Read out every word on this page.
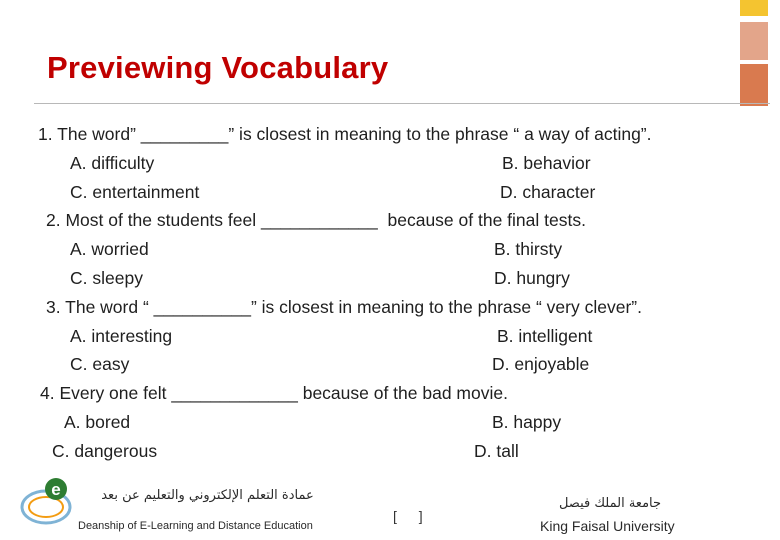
Previewing Vocabulary
1. The word” _________” is closest in meaning to the phrase “ a way of acting”.
A. difficulty	B. behavior
C. entertainment	D. character
2. Most of the students feel ____________  because of the final tests.
A. worried	B. thirsty
C. sleepy	D. hungry
3. The word “ __________” is closest in meaning to the phrase “ very clever”.
A. interesting	B. intelligent
C. easy	D. enjoyable
4. Every one felt _____________ because of the bad movie.
A. bored	B. happy
C. dangerous	D. tall
e	عمادة التعلم الإلكتروني والتعليم عن بعد
Deanship of E-Learning and Distance Education
[ ]
جامعة الملك فيصل
King Faisal University
